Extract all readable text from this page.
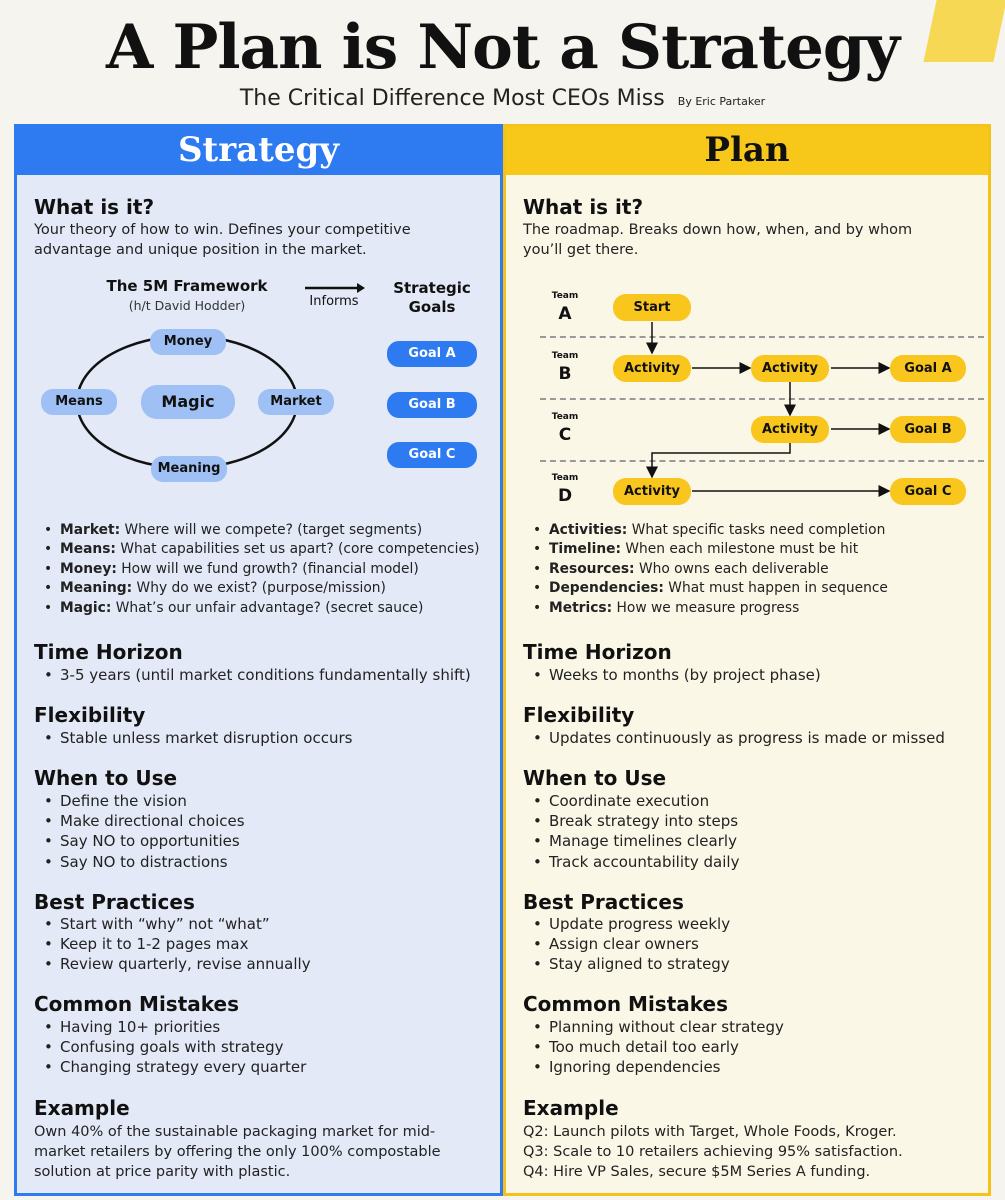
A Plan is Not a Strategy
The Critical Difference Most CEOs Miss By Eric Partaker
Strategy
What is it?
Your theory of how to win. Defines your competitive
advantage and unique position in the market.
The 5M Framework
(h/t David Hodder)	Informs
Strategic
Goals
Money
Means	Magic	Market
Meaning
Goal A
Goal B
Goal C
• Market: Where will we compete? (target segments)
• Means: What capabilities set us apart? (core competencies)
• Money: How will we fund growth? (financial model)
• Meaning: Why do we exist? (purpose/mission)
• Magic: What’s our unfair advantage? (secret sauce)
Time Horizon
• 3-5 years (until market conditions fundamentally shift)
Flexibility
• Stable unless market disruption occurs
When to Use
• Define the vision
• Make directional choices
• Say NO to opportunities
• Say NO to distractions
Best Practices
• Start with “why” not “what”
• Keep it to 1-2 pages max
• Review quarterly, revise annually
Common Mistakes
• Having 10+ priorities
• Confusing goals with strategy
• Changing strategy every quarter
Example
Own 40% of the sustainable packaging market for mid-
market retailers by offering the only 100% compostable
solution at price parity with plastic.
Plan
What is it?
The roadmap. Breaks down how, when, and by whom
you’ll get there.
Team
A
Team
B
Team
C
Team
D
Start
Activity	Activity	Goal A
Activity	Goal B
Activity	Goal C
• Activities: What specific tasks need completion
• Timeline: When each milestone must be hit
• Resources: Who owns each deliverable
• Dependencies: What must happen in sequence
• Metrics: How we measure progress
Time Horizon
• Weeks to months (by project phase)
Flexibility
• Updates continuously as progress is made or missed
When to Use
• Coordinate execution
• Break strategy into steps
• Manage timelines clearly
• Track accountability daily
Best Practices
• Update progress weekly
• Assign clear owners
• Stay aligned to strategy
Common Mistakes
• Planning without clear strategy
• Too much detail too early
• Ignoring dependencies
Example
Q2: Launch pilots with Target, Whole Foods, Kroger.
Q3: Scale to 10 retailers achieving 95% satisfaction.
Q4: Hire VP Sales, secure $5M Series A funding.
